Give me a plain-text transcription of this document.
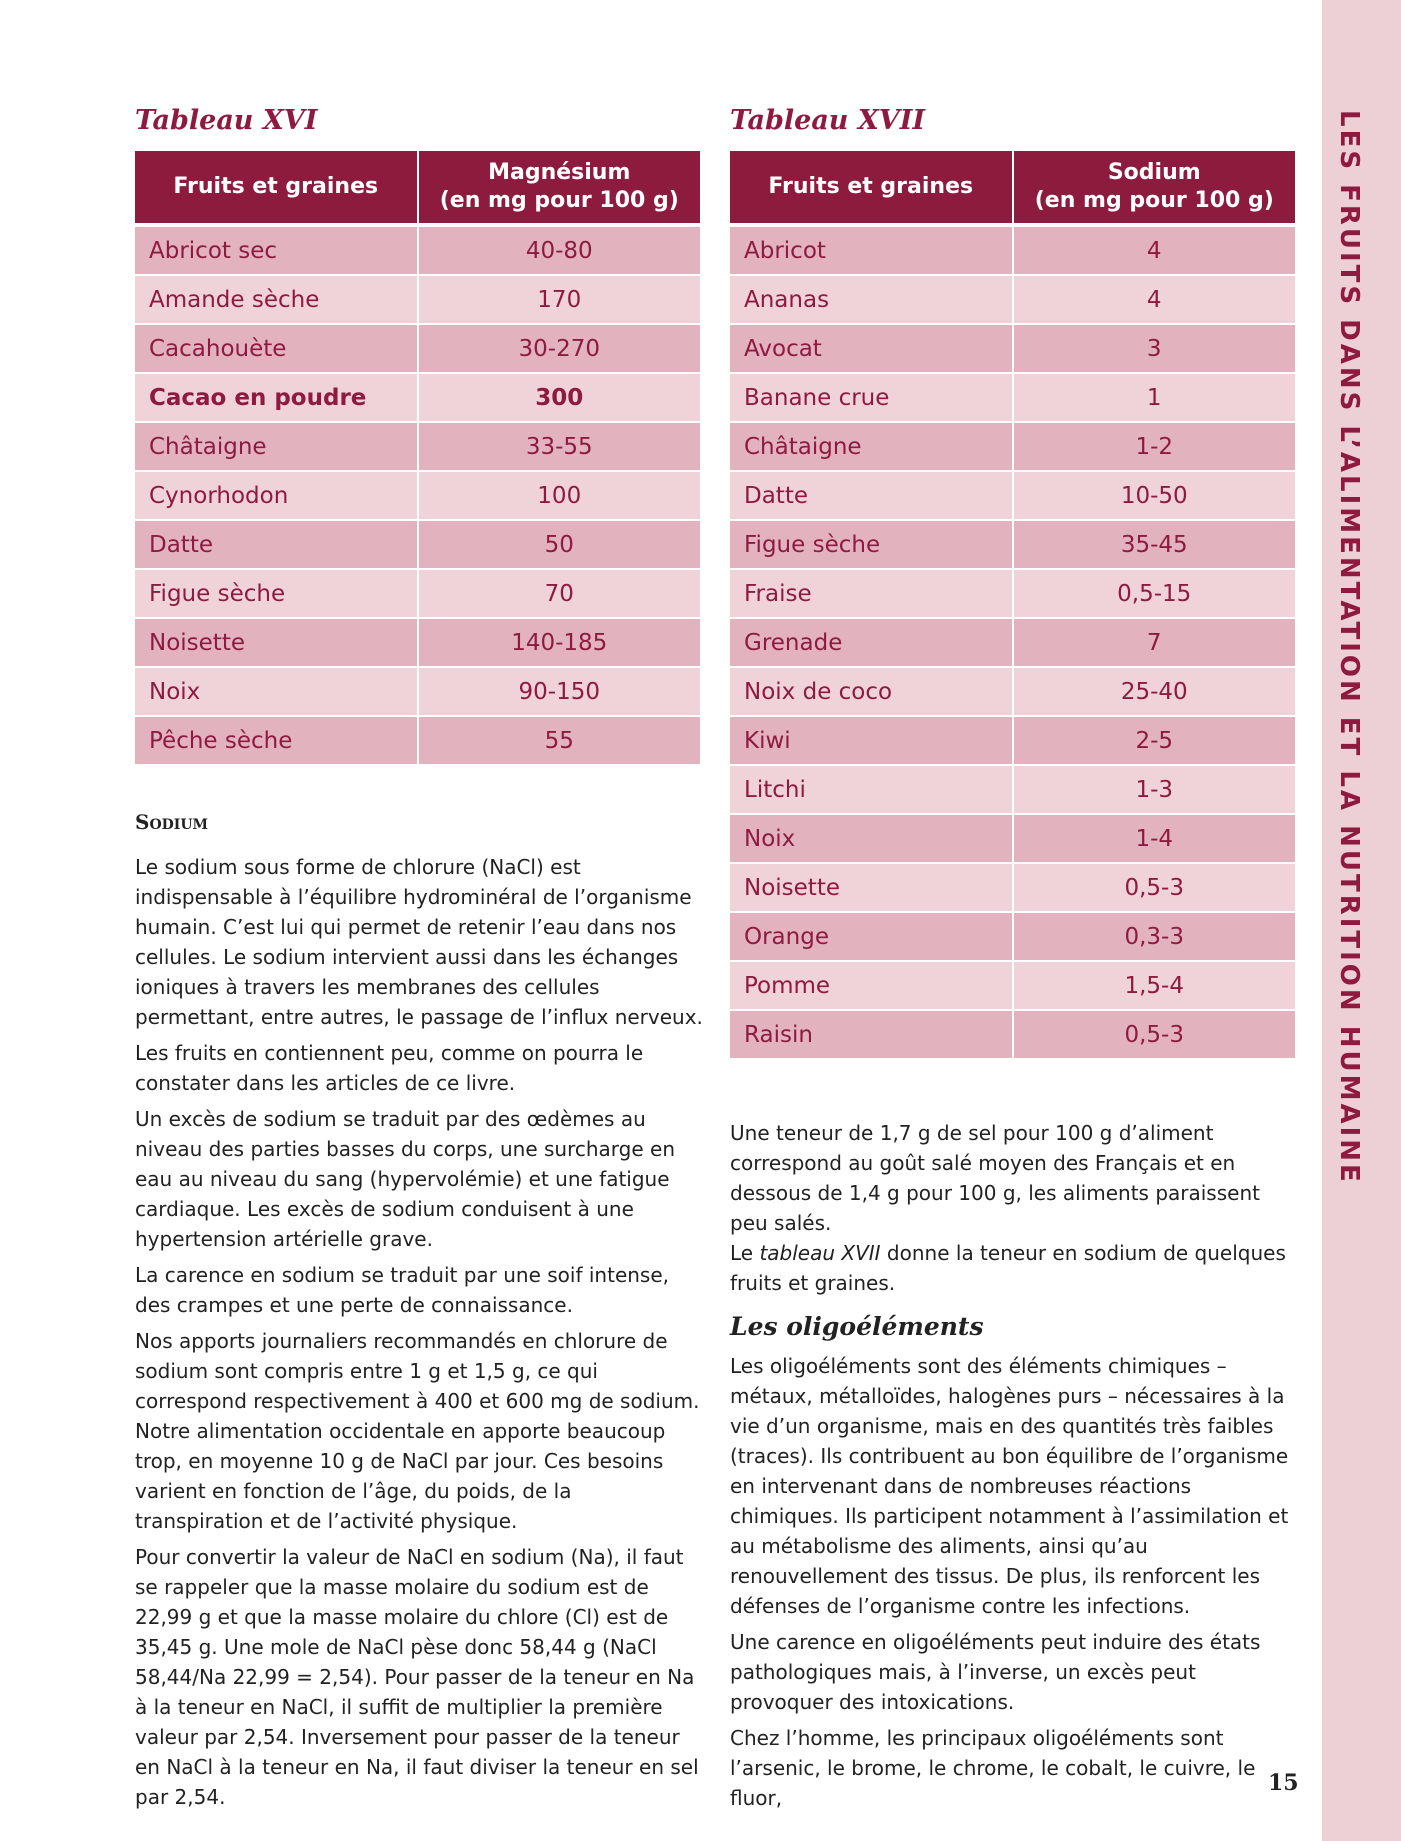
LES FRUITS DANS L’ALIMENTATION ET LA NUTRITION HUMAINE
Tableau XVI
Fruits et graines	Magnésium
(en mg pour 100 g)
Abricot sec	40-80
Amande sèche	170
Cacahouète	30-270
Cacao en poudre	300
Châtaigne	33-55
Cynorhodon	100
Datte	50
Figue sèche	70
Noisette	140-185
Noix	90-150
Pêche sèche	55
Sodium

Le sodium sous forme de chlorure (NaCl) est indispensable à l’équilibre hydrominéral de l’organisme humain. C’est lui qui permet de retenir l’eau dans nos cellules. Le sodium intervient aussi dans les échanges ioniques à travers les membranes des cellules permettant, entre autres, le passage de l’influx nerveux.

Les fruits en contiennent peu, comme on pourra le constater dans les articles de ce livre.

Un excès de sodium se traduit par des œdèmes au niveau des parties basses du corps, une surcharge en eau au niveau du sang (hypervolémie) et une fatigue cardiaque. Les excès de sodium conduisent à une hypertension artérielle grave.

La carence en sodium se traduit par une soif intense, des crampes et une perte de connaissance.

Nos apports journaliers recommandés en chlorure de sodium sont compris entre 1 g et 1,5 g, ce qui correspond respectivement à 400 et 600 mg de sodium. Notre alimentation occidentale en apporte beaucoup trop, en moyenne 10 g de NaCl par jour. Ces besoins varient en fonction de l’âge, du poids, de la transpiration et de l’activité physique.

Pour convertir la valeur de NaCl en sodium (Na), il faut se rappeler que la masse molaire du sodium est de 22,99 g et que la masse molaire du chlore (Cl) est de 35,45 g. Une mole de NaCl pèse donc 58,44 g (NaCl 58,44/Na 22,99 = 2,54). Pour passer de la teneur en Na à la teneur en NaCl, il suffit de multiplier la première valeur par 2,54. Inversement pour passer de la teneur en NaCl à la teneur en Na, il faut diviser la teneur en sel par 2,54.

Tableau XVII
Fruits et graines	Sodium
(en mg pour 100 g)
Abricot	4
Ananas	4
Avocat	3
Banane crue	1
Châtaigne	1-2
Datte	10-50
Figue sèche	35-45
Fraise	0,5-15
Grenade	7
Noix de coco	25-40
Kiwi	2-5
Litchi	1-3
Noix	1-4
Noisette	0,5-3
Orange	0,3-3
Pomme	1,5-4
Raisin	0,5-3

Une teneur de 1,7 g de sel pour 100 g d’aliment correspond au goût salé moyen des Français et en dessous de 1,4 g pour 100 g, les aliments paraissent peu salés.

Le tableau XVII donne la teneur en sodium de quelques fruits et graines.

Les oligoéléments

Les oligoéléments sont des éléments chimiques – métaux, métalloïdes, halogènes purs – nécessaires à la vie d’un organisme, mais en des quantités très faibles (traces). Ils contribuent au bon équilibre de l’organisme en intervenant dans de nombreuses réactions chimiques. Ils participent notamment à l’assimilation et au métabolisme des aliments, ainsi qu’au renouvellement des tissus. De plus, ils renforcent les défenses de l’organisme contre les infections.

Une carence en oligoéléments peut induire des états pathologiques mais, à l’inverse, un excès peut provoquer des intoxications.

Chez l’homme, les principaux oligoéléments sont l’arsenic, le brome, le chrome, le cobalt, le cuivre, le fluor,

15
